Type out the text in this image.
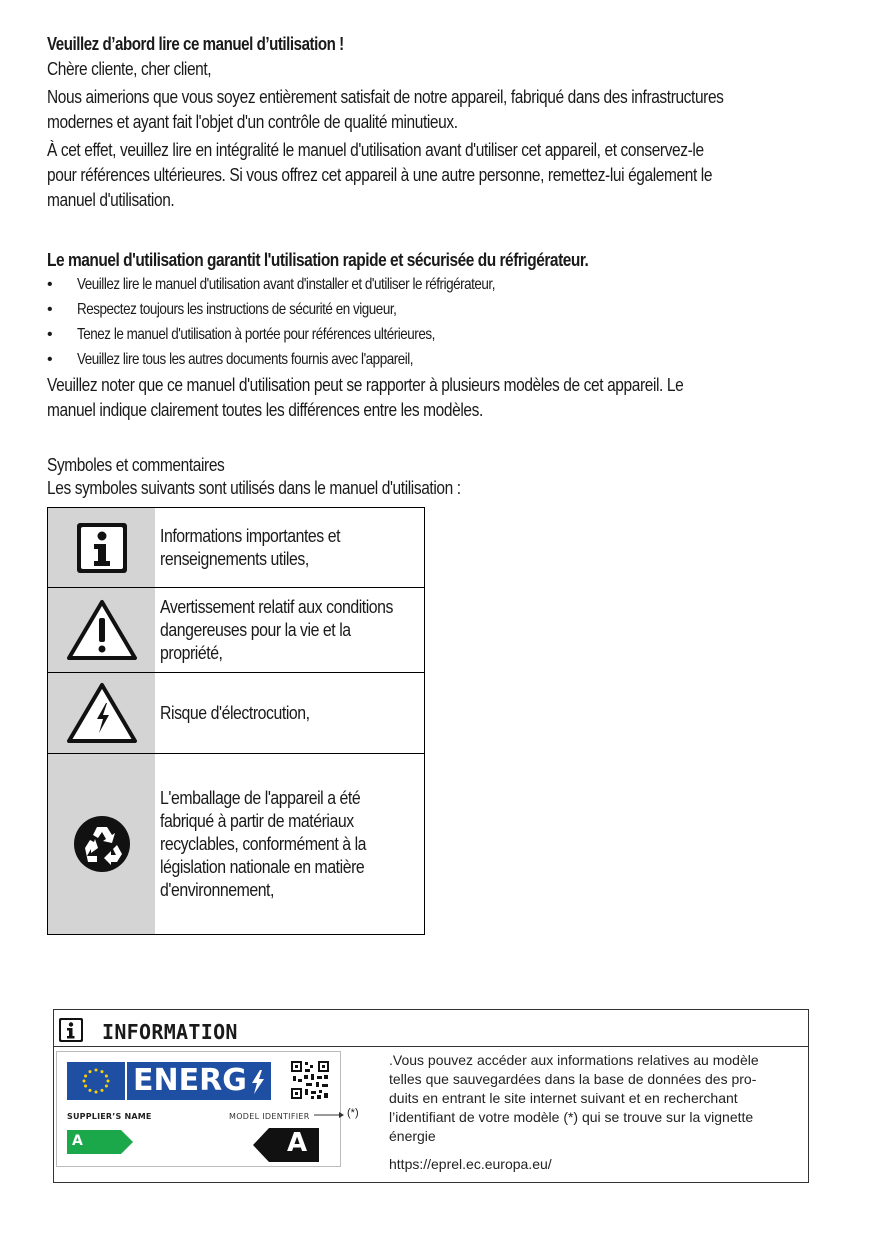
Veuillez d’abord lire ce manuel d’utilisation !
Chère cliente, cher client,
Nous aimerions que vous soyez entièrement satisfait de notre appareil, fabriqué dans des infrastructures
modernes et ayant fait l'objet d'un contrôle de qualité minutieux.
À cet effet, veuillez lire en intégralité le manuel d'utilisation avant d'utiliser cet appareil, et conservez-le
pour références ultérieures. Si vous offrez cet appareil à une autre personne, remettez-lui également le
manuel d'utilisation.
Le manuel d'utilisation garantit l'utilisation rapide et sécurisée du réfrigérateur.
• Veuillez lire le manuel d'utilisation avant d'installer et d'utiliser le réfrigérateur,
• Respectez toujours les instructions de sécurité en vigueur,
• Tenez le manuel d'utilisation à portée pour références ultérieures,
• Veuillez lire tous les autres documents fournis avec l'appareil,
Veuillez noter que ce manuel d'utilisation peut se rapporter à plusieurs modèles de cet appareil. Le
manuel indique clairement toutes les différences entre les modèles.
Symboles et commentaires
Les symboles suivants sont utilisés dans le manuel d'utilisation :
Informations importantes et
renseignements utiles,
Avertissement relatif aux conditions
dangereuses pour la vie et la
propriété,
Risque d'électrocution,
L'emballage de l'appareil a été
fabriqué à partir de matériaux
recyclables, conformément à la
législation nationale en matière
d'environnement,
INFORMATION
ENERG
SUPPLIER’S NAME	MODEL IDENTIFIER
A	A
(*)
.Vous pouvez accéder aux informations relatives au modèle
telles que sauvegardées dans la base de données des pro-
duits en entrant le site internet suivant et en recherchant
l’identifiant de votre modèle (*) qui se trouve sur la vignette
énergie
https://eprel.ec.europa.eu/
